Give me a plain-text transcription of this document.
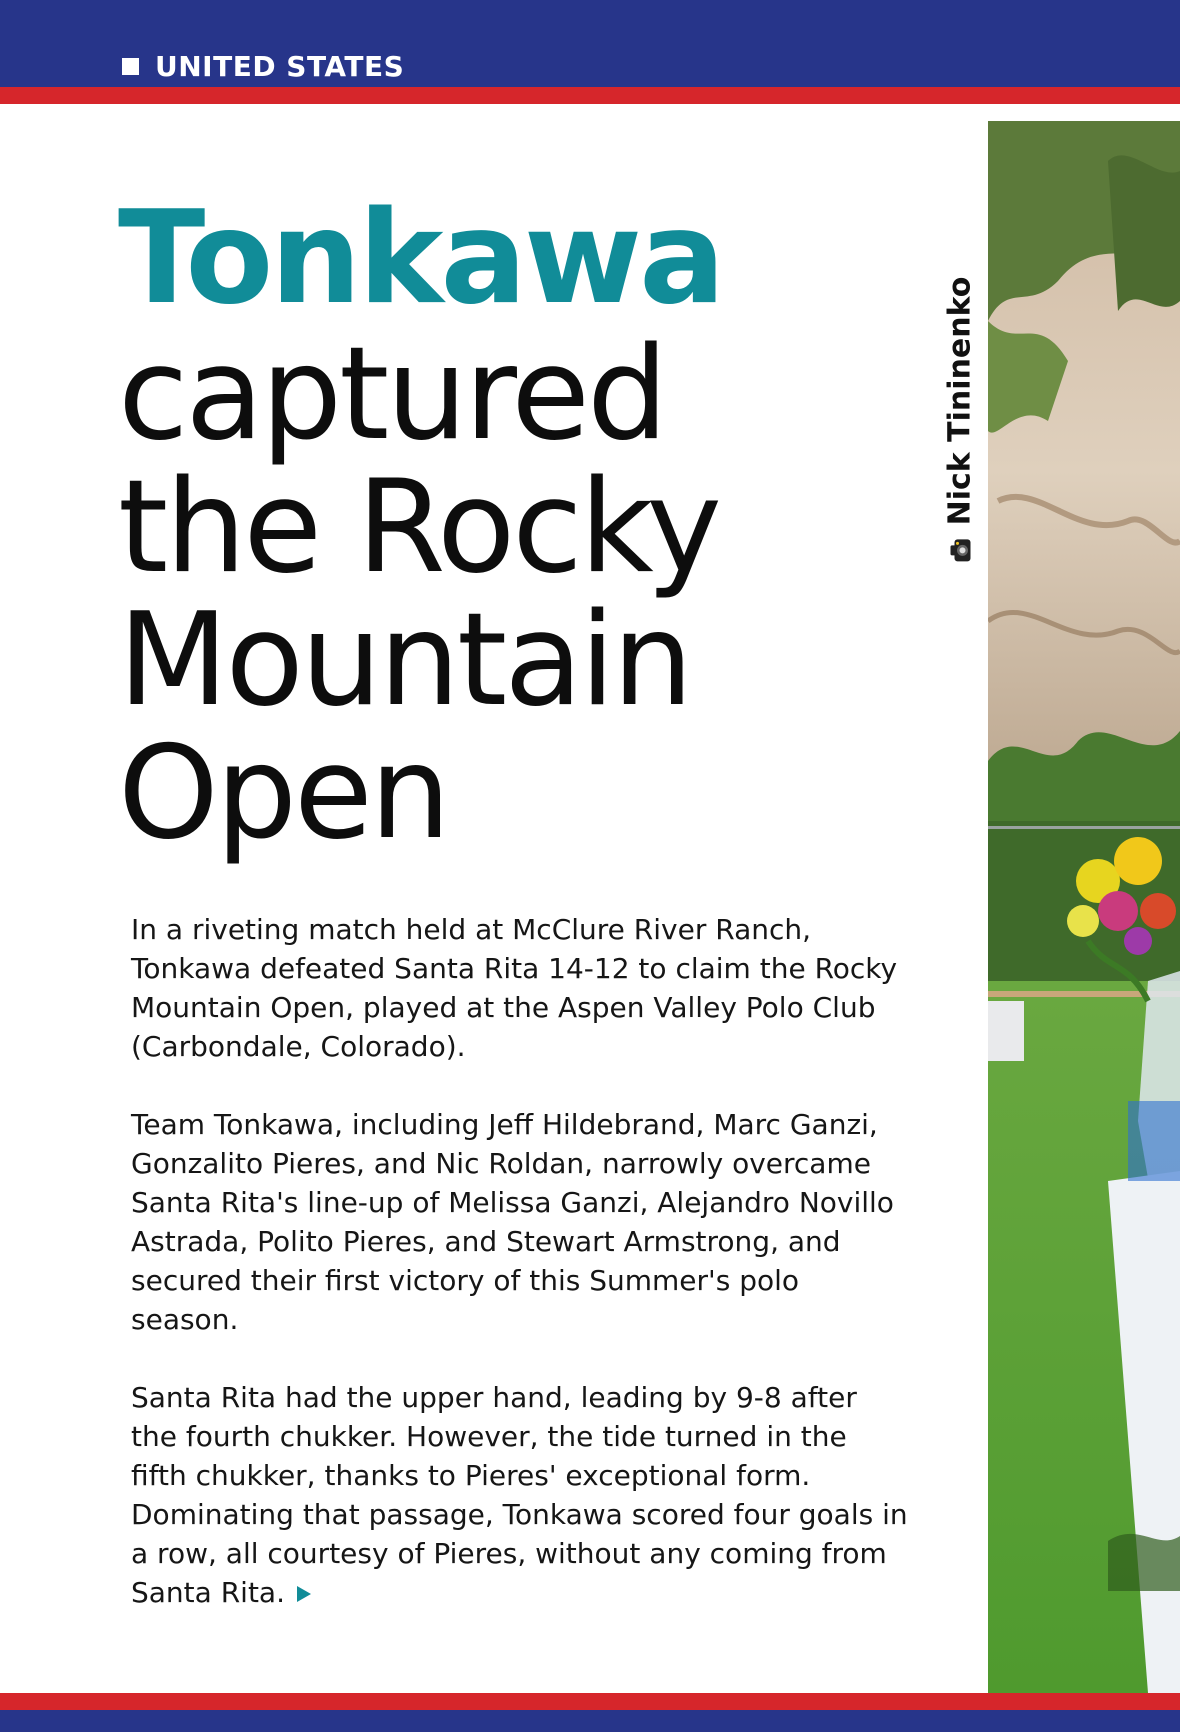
UNITED STATES
Nick Tininenko
Tonkawa
captured
the Rocky
Mountain
Open

In a riveting match held at McClure River Ranch, Tonkawa defeated Santa Rita 14-12 to claim the Rocky Mountain Open, played at the Aspen Valley Polo Club (Carbondale, Colorado).

Team Tonkawa, including Jeff Hildebrand, Marc Ganzi, Gonzalito Pieres, and Nic Roldan, narrowly overcame Santa Rita's line-up of Melissa Ganzi, Alejandro Novillo Astrada, Polito Pieres, and Stewart Armstrong, and secured their first victory of this Summer's polo season.

Santa Rita had the upper hand, leading by 9-8 after the fourth chukker. However, the tide turned in the fifth chukker, thanks to Pieres' exceptional form. Dominating that passage, Tonkawa scored four goals in a row, all courtesy of Pieres, without any coming from Santa Rita.
